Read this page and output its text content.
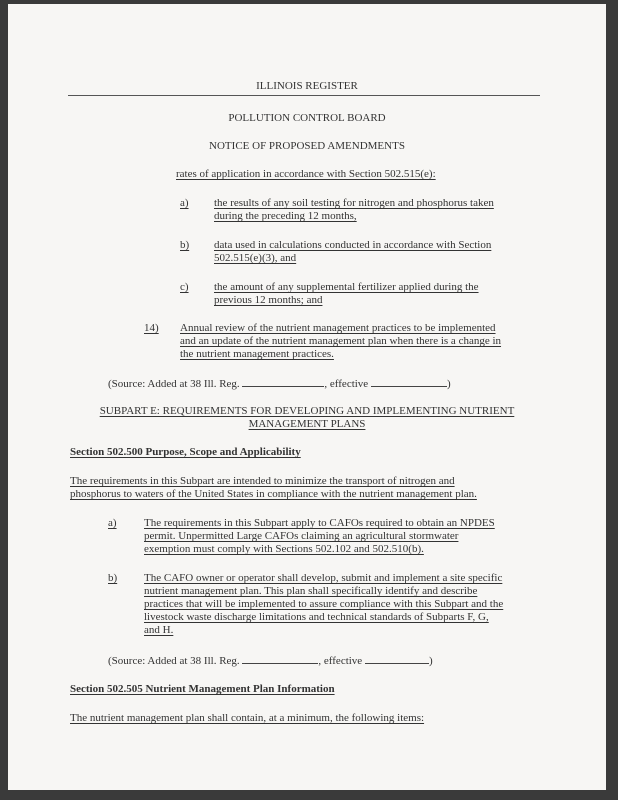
ILLINOIS REGISTER
POLLUTION CONTROL BOARD
NOTICE OF PROPOSED AMENDMENTS
rates of application in accordance with Section 502.515(e):
a) the results of any soil testing for nitrogen and phosphorus taken
during the preceding 12 months,
b) data used in calculations conducted in accordance with Section
502.515(e)(3), and
c) the amount of any supplemental fertilizer applied during the
previous 12 months; and
14) Annual review of the nutrient management practices to be implemented
and an update of the nutrient management plan when there is a change in
the nutrient management practices.
(Source: Added at 38 Ill. Reg.	, effective	)
SUBPART E: REQUIREMENTS FOR DEVELOPING AND IMPLEMENTING NUTRIENT
MANAGEMENT PLANS
Section 502.500 Purpose, Scope and Applicability
The requirements in this Subpart are intended to minimize the transport of nitrogen and
phosphorus to waters of the United States in compliance with the nutrient management plan.
a) The requirements in this Subpart apply to CAFOs required to obtain an NPDES
permit. Unpermitted Large CAFOs claiming an agricultural stormwater
exemption must comply with Sections 502.102 and 502.510(b).
b) The CAFO owner or operator shall develop, submit and implement a site specific
nutrient management plan. This plan shall specifically identify and describe
practices that will be implemented to assure compliance with this Subpart and the
livestock waste discharge limitations and technical standards of Subparts F, G,
and H.
(Source: Added at 38 Ill. Reg.	, effective	)
Section 502.505 Nutrient Management Plan Information
The nutrient management plan shall contain, at a minimum, the following items:
